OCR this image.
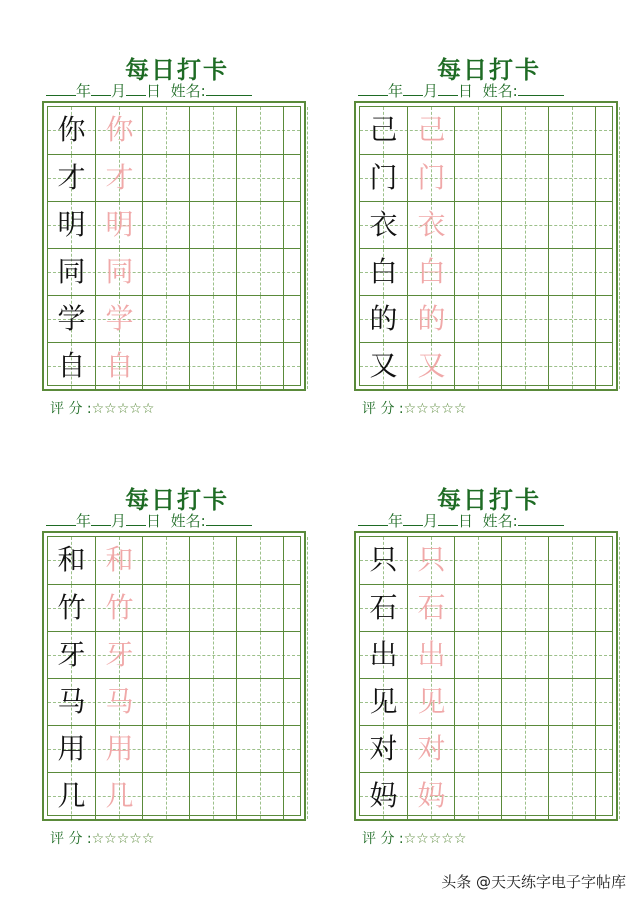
每日打卡
年 月 日 姓名:
你 你
才 才
明 明
同 同
学 学
自 自
评 分 :☆☆☆☆☆
每日打卡
年 月 日 姓名:
己 己
门 门
衣 衣
白 白
的 的
又 又
评 分 :☆☆☆☆☆
每日打卡
年 月 日 姓名:
和 和
竹 竹
牙 牙
马 马
用 用
几 几
评 分 :☆☆☆☆☆
每日打卡
年 月 日 姓名:
只 只
石 石
出 出
见 见
对 对
妈 妈
评 分 :☆☆☆☆☆
头条 @天天练字电子字帖库
